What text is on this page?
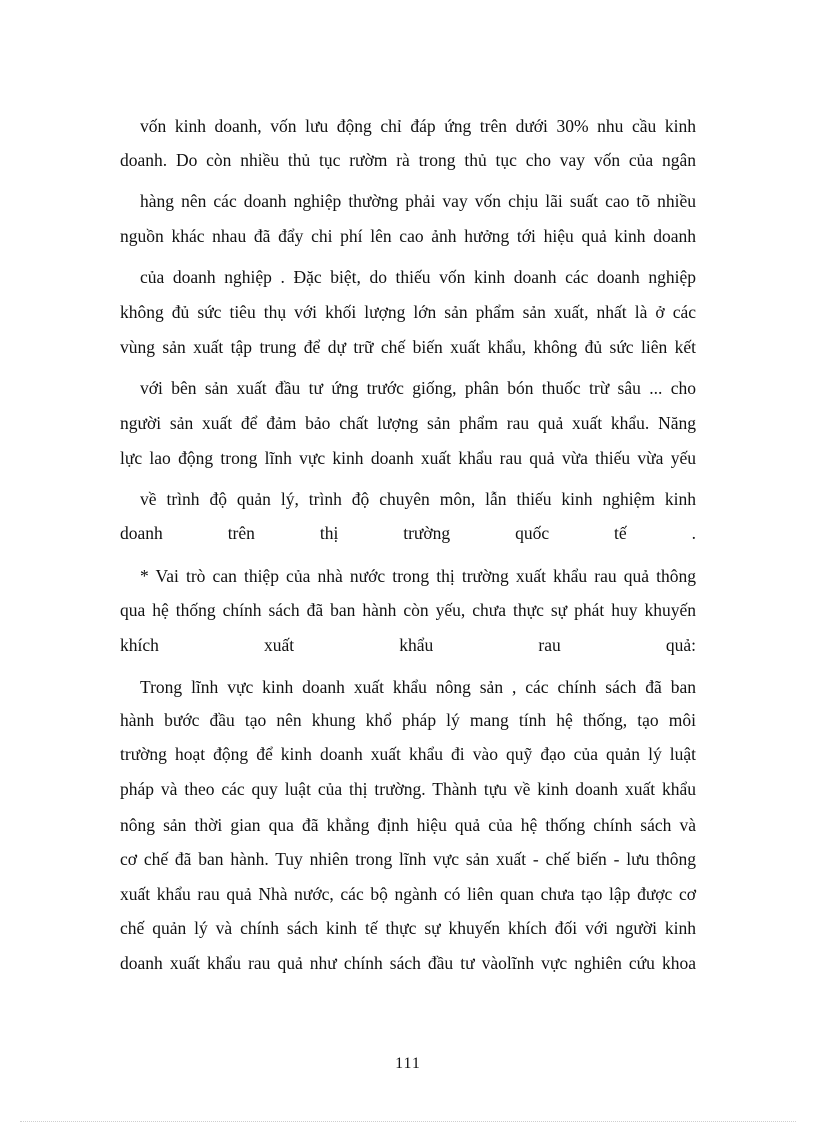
vốn kinh doanh, vốn lưu động chỉ đáp ứng trên dưới 30% nhu cầu kinh
doanh. Do còn nhiều thủ tục rườm rà trong thủ tục cho vay vốn của ngân
hàng nên các doanh nghiệp thường phải vay vốn chịu lãi suất cao tõ nhiều
nguồn khác nhau đã đẩy chi phí lên cao ảnh hưởng tới hiệu quả kinh doanh
của doanh nghiệp . Đặc biệt, do thiếu vốn kinh doanh các doanh nghiệp
không đủ sức tiêu thụ với khối lượng lớn sản phẩm sản xuất, nhất là ở các
vùng sản xuất tập trung để dự trữ chế biến xuất khẩu, không đủ sức liên kết
với bên sản xuất đầu tư ứng trước giống, phân bón thuốc trừ sâu ... cho
người sản xuất để đảm bảo chất lượng sản phẩm rau quả xuất khẩu. Năng
lực lao động trong lĩnh vực kinh doanh xuất khẩu rau quả vừa thiếu vừa yếu
về trình độ quản lý, trình độ chuyên môn, lẫn thiếu kinh nghiệm kinh
doanh trên thị trường quốc tế .
* Vai trò can thiệp của nhà nước trong thị trường xuất khẩu rau quả thông
qua hệ thống chính sách đã ban hành còn yếu, chưa thực sự phát huy khuyến
khích xuất khẩu rau quả:
Trong lĩnh vực kinh doanh xuất khẩu nông sản , các chính sách đã ban
hành bước đầu tạo nên khung khổ pháp lý mang tính hệ thống, tạo môi
trường hoạt động để kinh doanh xuất khẩu đi vào quỹ đạo của quản lý luật
pháp và theo các quy luật của thị trường. Thành tựu về kinh doanh xuất khẩu
nông sản thời gian qua đã khẳng định hiệu quả của hệ thống chính sách và
cơ chế đã ban hành. Tuy nhiên trong lĩnh vực sản xuất - chế biến - lưu thông
xuất khẩu rau quả Nhà nước, các bộ ngành có liên quan chưa tạo lập được cơ
chế quản lý và chính sách kinh tế thực sự khuyến khích đối với người kinh
doanh xuất khẩu rau quả như chính sách đầu tư vàolĩnh vực nghiên cứu khoa
111
